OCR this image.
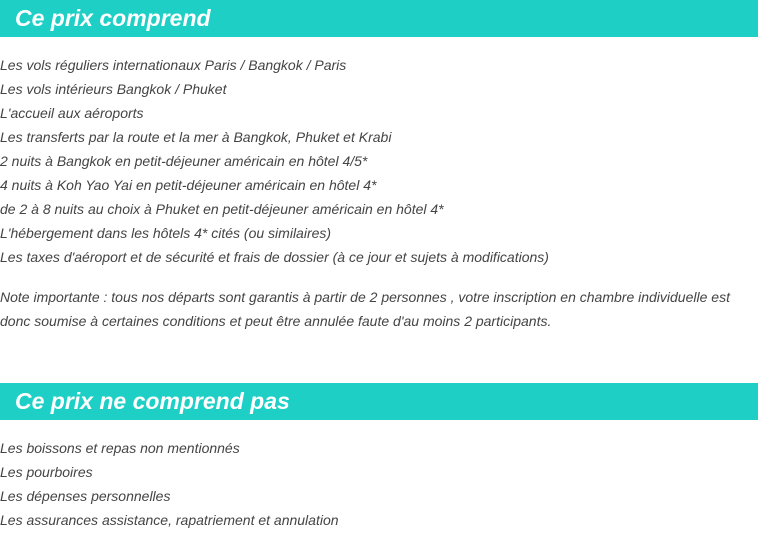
Ce prix comprend
Les vols réguliers internationaux Paris / Bangkok / Paris
Les vols intérieurs Bangkok / Phuket
L'accueil aux aéroports
Les transferts par la route et la mer à Bangkok, Phuket et Krabi
2 nuits à Bangkok en petit-déjeuner américain en hôtel 4/5*
4 nuits à Koh Yao Yai en petit-déjeuner américain en hôtel 4*
de 2 à 8 nuits au choix à Phuket en petit-déjeuner américain en hôtel 4*
L'hébergement dans les hôtels 4* cités (ou similaires)
Les taxes d'aéroport et de sécurité et frais de dossier (à ce jour et sujets à modifications)

Note importante : tous nos départs sont garantis à partir de 2 personnes , votre inscription en chambre individuelle est donc soumise à certaines conditions et peut être annulée faute d'au moins 2 participants.

Ce prix ne comprend pas
Les boissons et repas non mentionnés
Les pourboires
Les dépenses personnelles
Les assurances assistance, rapatriement et annulation
